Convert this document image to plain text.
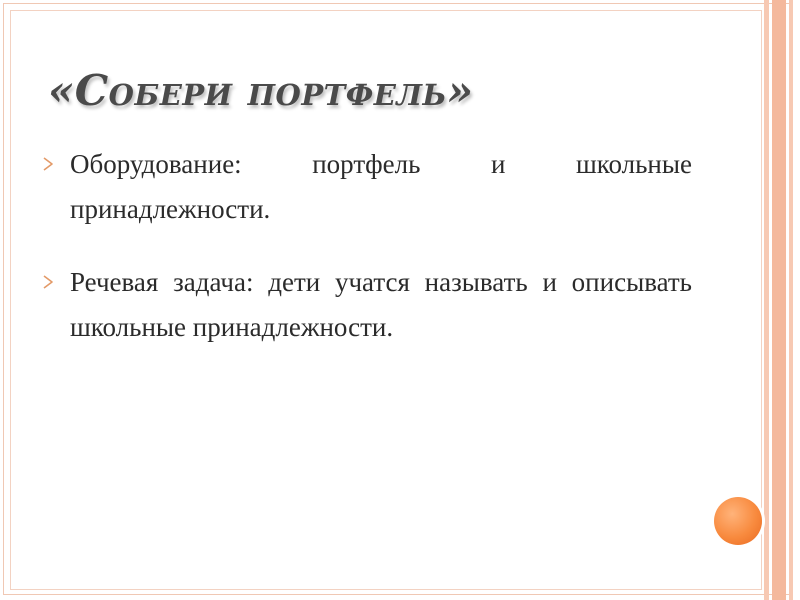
«Собери портфель»
Оборудование: портфель и школьные принадлежности.
Речевая задача: дети учатся называть и описывать школьные принадлежности.
